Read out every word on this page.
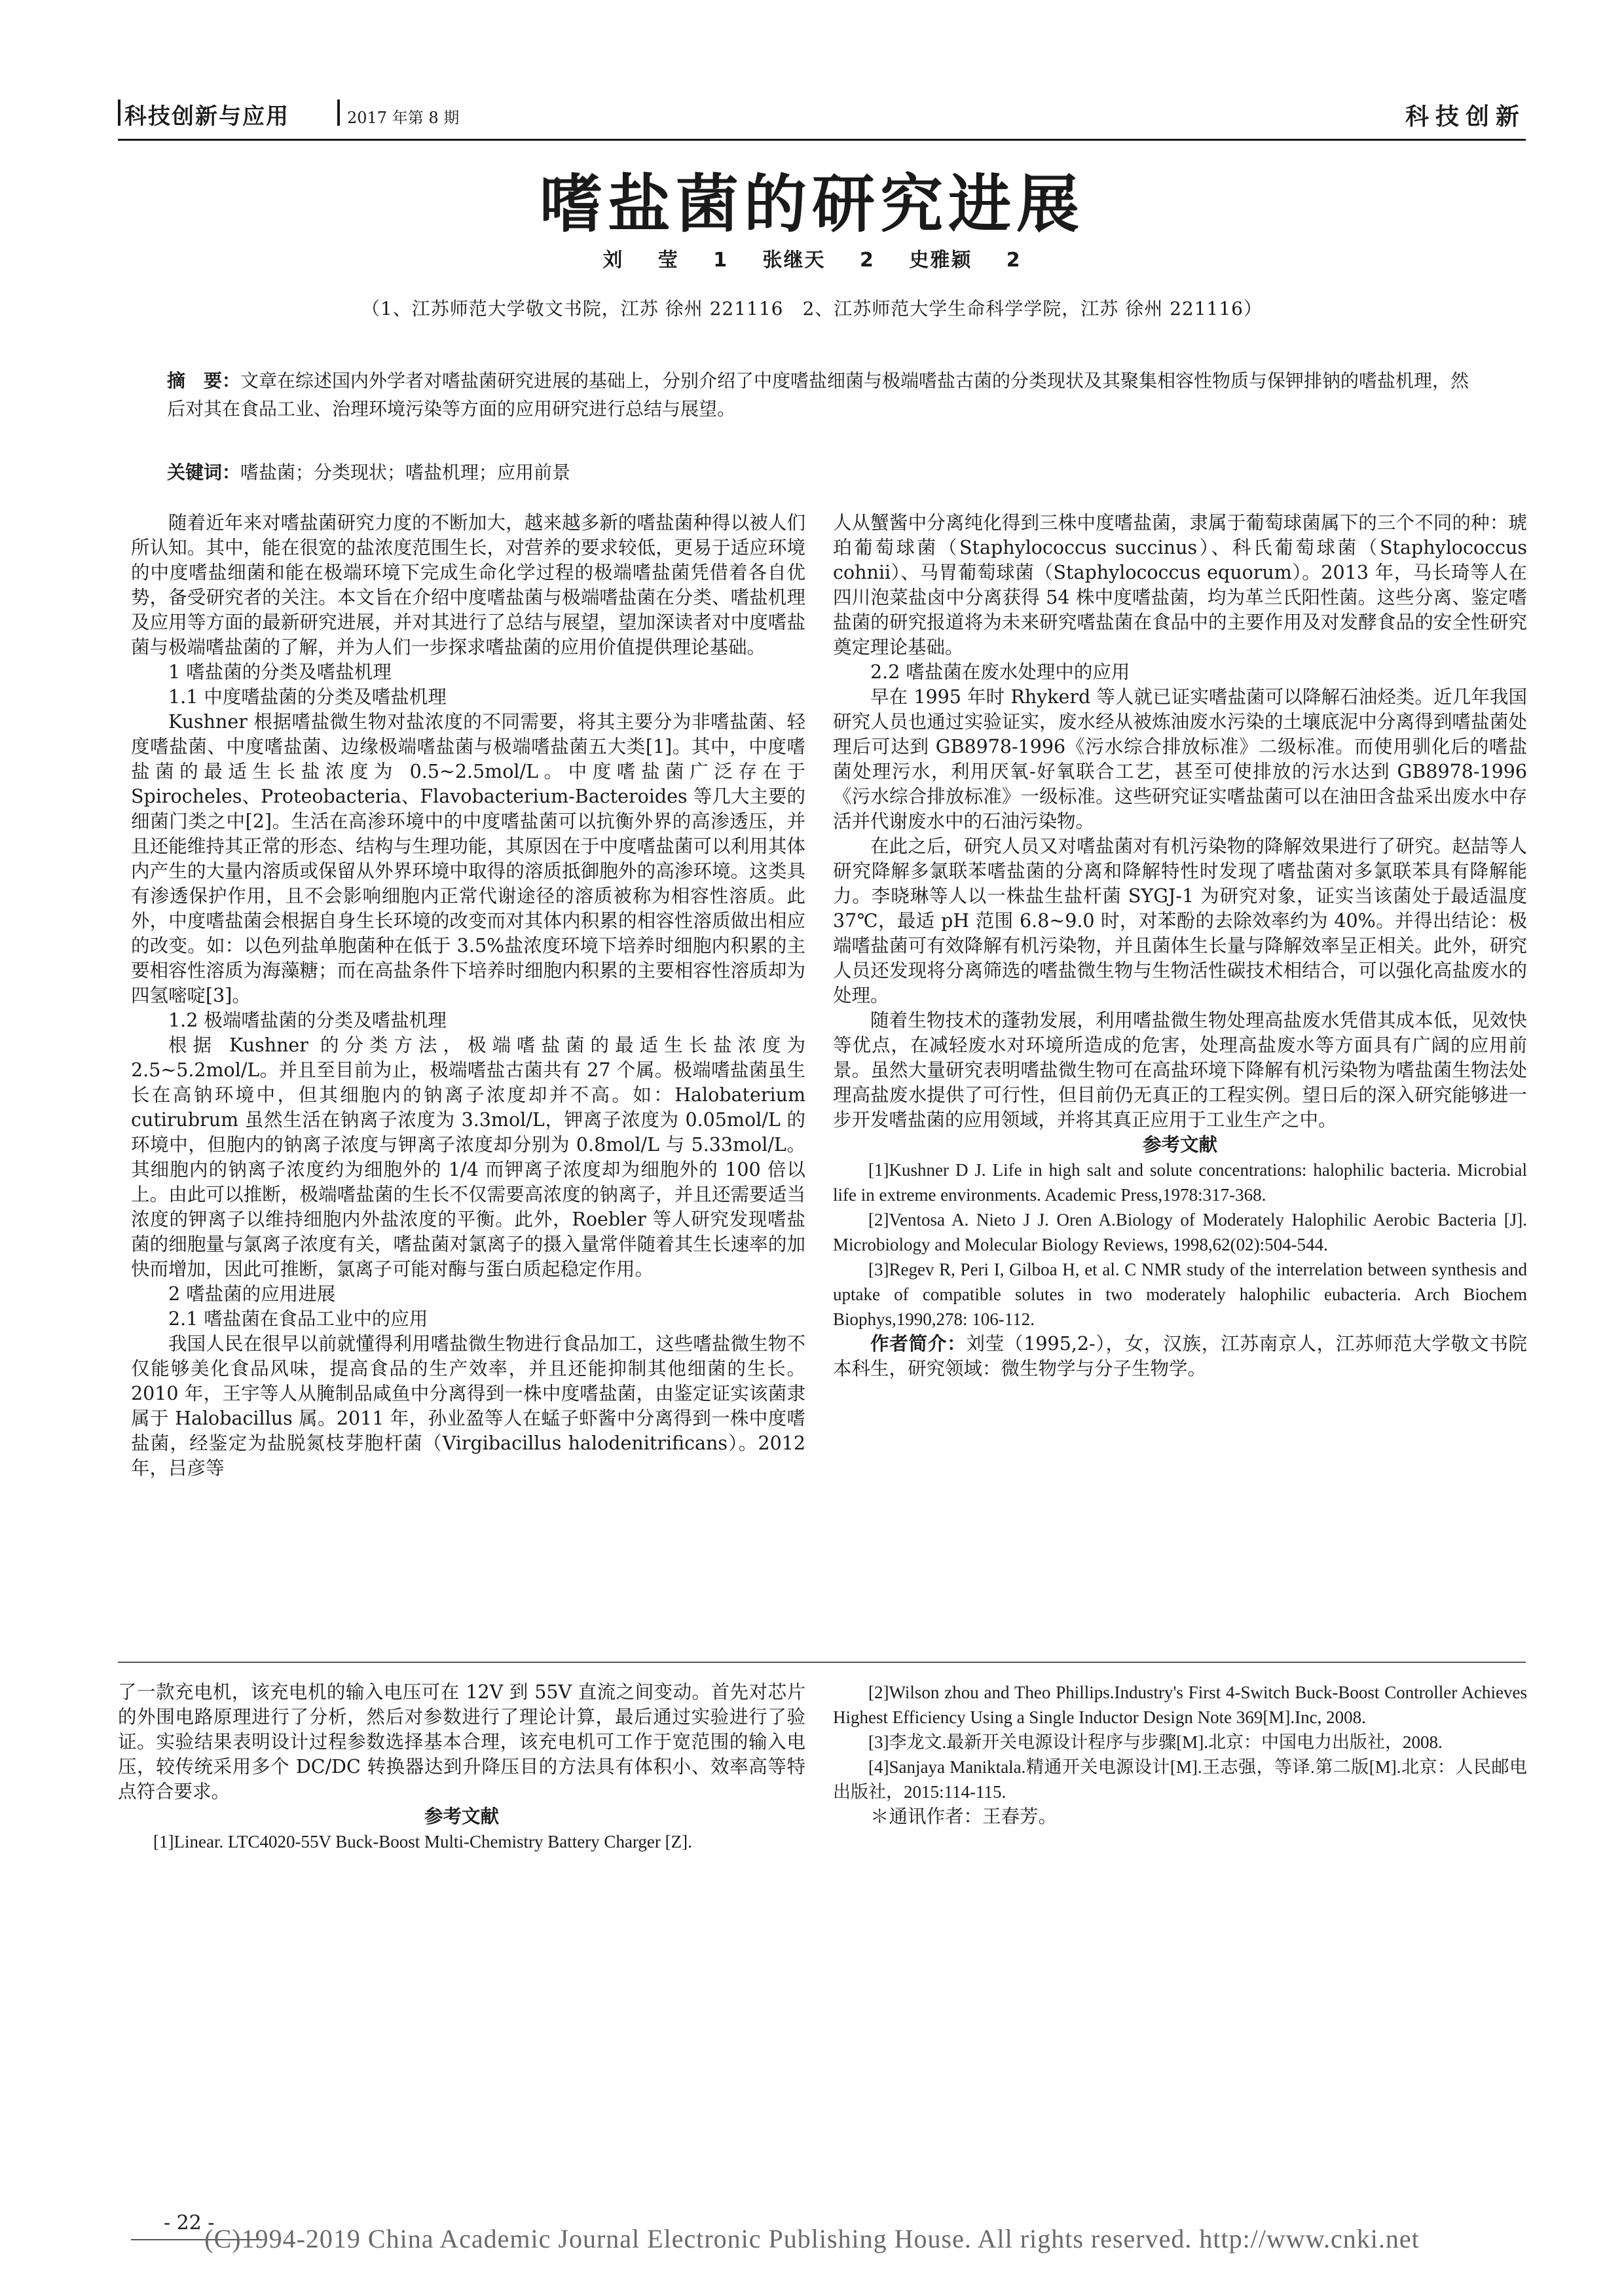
科技创新与应用	2017 年第 8 期	科技创新
嗜盐菌的研究进展
刘 莹 1 张继天 2 史雅颖 2
（1、江苏师范大学敬文书院，江苏 徐州 221116　2、江苏师范大学生命科学学院，江苏 徐州 221116）
摘　要：文章在综述国内外学者对嗜盐菌研究进展的基础上，分别介绍了中度嗜盐细菌与极端嗜盐古菌的分类现状及其聚集相容性物质与保钾排钠的嗜盐机理，然后对其在食品工业、治理环境污染等方面的应用研究进行总结与展望。
关键词：嗜盐菌；分类现状；嗜盐机理；应用前景

随着近年来对嗜盐菌研究力度的不断加大，越来越多新的嗜盐菌种得以被人们所认知。其中，能在很宽的盐浓度范围生长，对营养的要求较低，更易于适应环境的中度嗜盐细菌和能在极端环境下完成生命化学过程的极端嗜盐菌凭借着各自优势，备受研究者的关注。本文旨在介绍中度嗜盐菌与极端嗜盐菌在分类、嗜盐机理及应用等方面的最新研究进展，并对其进行了总结与展望，望加深读者对中度嗜盐菌与极端嗜盐菌的了解，并为人们一步探求嗜盐菌的应用价值提供理论基础。

1 嗜盐菌的分类及嗜盐机理

1.1 中度嗜盐菌的分类及嗜盐机理

Kushner 根据嗜盐微生物对盐浓度的不同需要，将其主要分为非嗜盐菌、轻度嗜盐菌、中度嗜盐菌、边缘极端嗜盐菌与极端嗜盐菌五大类[1]。其中，中度嗜盐菌的最适生长盐浓度为 0.5~2.5mol/L。中度嗜盐菌广泛存在于 Spirocheles、Proteobacteria、Flavobacterium-Bacteroides 等几大主要的细菌门类之中[2]。生活在高渗环境中的中度嗜盐菌可以抗衡外界的高渗透压，并且还能维持其正常的形态、结构与生理功能，其原因在于中度嗜盐菌可以利用其体内产生的大量内溶质或保留从外界环境中取得的溶质抵御胞外的高渗环境。这类具有渗透保护作用，且不会影响细胞内正常代谢途径的溶质被称为相容性溶质。此外，中度嗜盐菌会根据自身生长环境的改变而对其体内积累的相容性溶质做出相应的改变。如：以色列盐单胞菌种在低于 3.5%盐浓度环境下培养时细胞内积累的主要相容性溶质为海藻糖；而在高盐条件下培养时细胞内积累的主要相容性溶质却为四氢嘧啶[3]。

1.2 极端嗜盐菌的分类及嗜盐机理

根据 Kushner 的分类方法，极端嗜盐菌的最适生长盐浓度为 2.5~5.2mol/L。并且至目前为止，极端嗜盐古菌共有 27 个属。极端嗜盐菌虽生长在高钠环境中，但其细胞内的钠离子浓度却并不高。如：Halobaterium cutirubrum 虽然生活在钠离子浓度为 3.3mol/L，钾离子浓度为 0.05mol/L 的环境中，但胞内的钠离子浓度与钾离子浓度却分别为 0.8mol/L 与 5.33mol/L。其细胞内的钠离子浓度约为细胞外的 1/4 而钾离子浓度却为细胞外的 100 倍以上。由此可以推断，极端嗜盐菌的生长不仅需要高浓度的钠离子，并且还需要适当浓度的钾离子以维持细胞内外盐浓度的平衡。此外，Roebler 等人研究发现嗜盐菌的细胞量与氯离子浓度有关，嗜盐菌对氯离子的摄入量常伴随着其生长速率的加快而增加，因此可推断，氯离子可能对酶与蛋白质起稳定作用。

2 嗜盐菌的应用进展

2.1 嗜盐菌在食品工业中的应用

我国人民在很早以前就懂得利用嗜盐微生物进行食品加工，这些嗜盐微生物不仅能够美化食品风味，提高食品的生产效率，并且还能抑制其他细菌的生长。2010 年，王宇等人从腌制品咸鱼中分离得到一株中度嗜盐菌，由鉴定证实该菌隶属于 Halobacillus 属。2011 年，孙业盈等人在蜢子虾酱中分离得到一株中度嗜盐菌，经鉴定为盐脱氮枝芽胞杆菌（Virgibacillus halodenitrificans）。2012 年，吕彦等

人从蟹酱中分离纯化得到三株中度嗜盐菌，隶属于葡萄球菌属下的三个不同的种：琥珀葡萄球菌（Staphylococcus succinus）、科氏葡萄球菌（Staphylococcus cohnii）、马胃葡萄球菌（Staphylococcus equorum）。2013 年，马长琦等人在四川泡菜盐卤中分离获得 54 株中度嗜盐菌，均为革兰氏阳性菌。这些分离、鉴定嗜盐菌的研究报道将为未来研究嗜盐菌在食品中的主要作用及对发酵食品的安全性研究奠定理论基础。

2.2 嗜盐菌在废水处理中的应用

早在 1995 年时 Rhykerd 等人就已证实嗜盐菌可以降解石油烃类。近几年我国研究人员也通过实验证实，废水经从被炼油废水污染的土壤底泥中分离得到嗜盐菌处理后可达到 GB8978-1996《污水综合排放标准》二级标准。而使用驯化后的嗜盐菌处理污水，利用厌氧-好氧联合工艺，甚至可使排放的污水达到 GB8978-1996《污水综合排放标准》一级标准。这些研究证实嗜盐菌可以在油田含盐采出废水中存活并代谢废水中的石油污染物。

在此之后，研究人员又对嗜盐菌对有机污染物的降解效果进行了研究。赵喆等人研究降解多氯联苯嗜盐菌的分离和降解特性时发现了嗜盐菌对多氯联苯具有降解能力。李晓琳等人以一株盐生盐杆菌 SYGJ-1 为研究对象，证实当该菌处于最适温度 37℃，最适 pH 范围 6.8~9.0 时，对苯酚的去除效率约为 40%。并得出结论：极端嗜盐菌可有效降解有机污染物，并且菌体生长量与降解效率呈正相关。此外，研究人员还发现将分离筛选的嗜盐微生物与生物活性碳技术相结合，可以强化高盐废水的处理。

随着生物技术的蓬勃发展，利用嗜盐微生物处理高盐废水凭借其成本低，见效快等优点，在减轻废水对环境所造成的危害，处理高盐废水等方面具有广阔的应用前景。虽然大量研究表明嗜盐微生物可在高盐环境下降解有机污染物为嗜盐菌生物法处理高盐废水提供了可行性，但目前仍无真正的工程实例。望日后的深入研究能够进一步开发嗜盐菌的应用领域，并将其真正应用于工业生产之中。

参考文献

[1]Kushner D J. Life in high salt and solute concentrations: halophilic bacteria. Microbial life in extreme environments. Academic Press,1978:317-368.

[2]Ventosa A. Nieto J J. Oren A.Biology of Moderately Halophilic Aerobic Bacteria [J]. Microbiology and Molecular Biology Reviews, 1998,62(02):504-544.

[3]Regev R, Peri I, Gilboa H, et al. C NMR study of the interrelation between synthesis and uptake of compatible solutes in two moderately halophilic eubacteria. Arch Biochem Biophys,1990,278: 106-112.

作者简介：刘莹（1995,2-），女，汉族，江苏南京人，江苏师范大学敬文书院本科生，研究领域：微生物学与分子生物学。

了一款充电机，该充电机的输入电压可在 12V 到 55V 直流之间变动。首先对芯片的外围电路原理进行了分析，然后对参数进行了理论计算，最后通过实验进行了验证。实验结果表明设计过程参数选择基本合理，该充电机可工作于宽范围的输入电压，较传统采用多个 DC/DC 转换器达到升降压目的方法具有体积小、效率高等特点符合要求。

参考文献

[1]Linear. LTC4020-55V Buck-Boost Multi-Chemistry Battery Charger [Z].

[2]Wilson zhou and Theo Phillips.Industry's First 4-Switch Buck-Boost Controller Achieves Highest Efficiency Using a Single Inductor Design Note 369[M].Inc, 2008.

[3]李龙文.最新开关电源设计程序与步骤[M].北京：中国电力出版社，2008.

[4]Sanjaya Maniktala.精通开关电源设计[M].王志强，等译.第二版[M].北京：人民邮电出版社，2015:114-115.

＊通讯作者：王春芳。

- 22 -
(C)1994-2019 China Academic Journal Electronic Publishing House. All rights reserved. http://www.cnki.net
